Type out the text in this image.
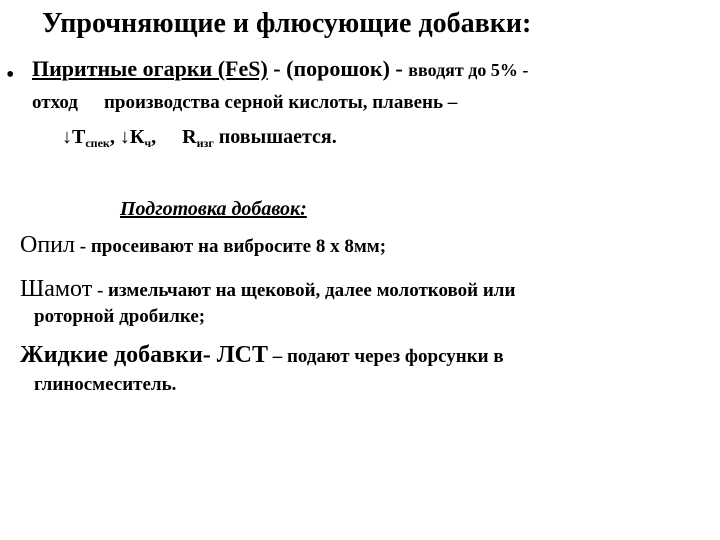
Упрочняющие и флюсующие добавки:
• Пиритные огарки (FeS) - (порошок) - вводят до 5% -
отход производства серной кислоты, плавень –
$↓Т_{спек}$, $↓К_ч$, $R_{изг}$ повышается.
Подготовка добавок:
Опил - просеивают на вибросите 8 х 8мм;
Шамот - измельчают на щековой, далее молотковой или
роторной дробилке;
Жидкие добавки- ЛСТ – подают через форсунки в
глиносмеситель.
